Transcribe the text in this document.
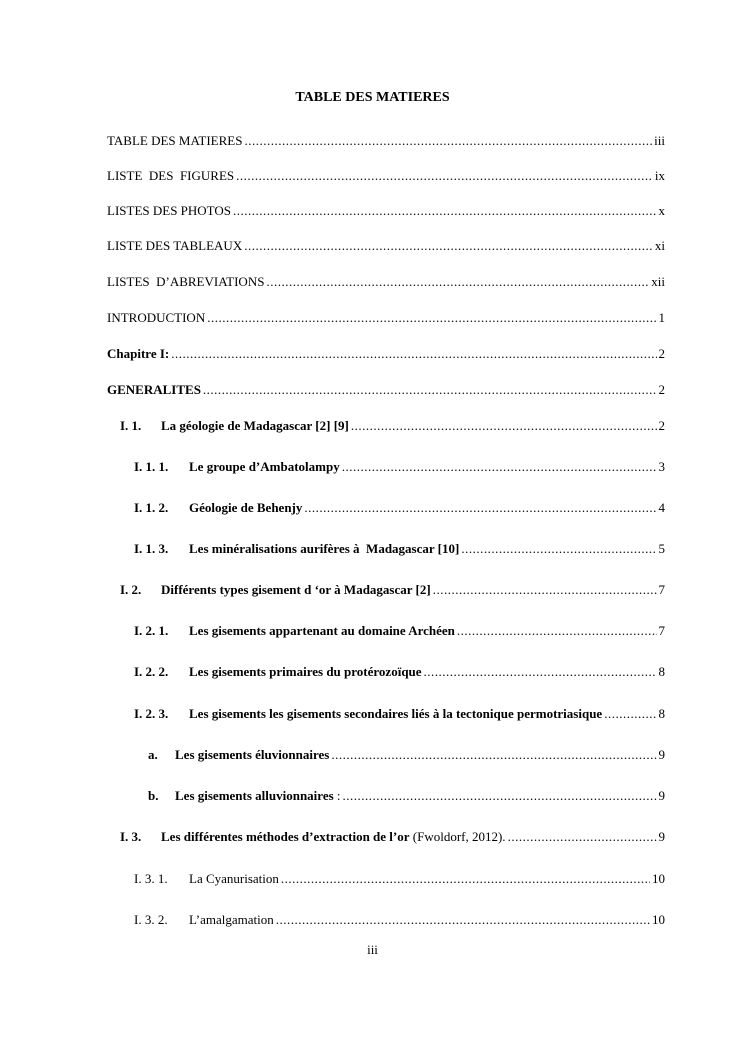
TABLE DES MATIERES
TABLE DES MATIERES .....	iii
LISTE  DES  FIGURES .....	ix
LISTES DES PHOTOS .....	x
LISTE DES TABLEAUX .....	xi
LISTES  D’ABREVIATIONS .....	xii
INTRODUCTION .....	1
Chapitre I: .....	2
GENERALITES .....	2
I. 1.	La géologie de Madagascar [2] [9] .....	2
I. 1. 1.	Le groupe d’Ambatolampy .....	3
I. 1. 2.	Géologie de Behenjy .....	4
I. 1. 3.	Les minéralisations aurifères à  Madagascar [10] .....	5
I. 2.	Différents types gisement d ‘or à Madagascar [2] .....	7
I. 2. 1.	Les gisements appartenant au domaine Archéen .....	7
I. 2. 2.	Les gisements primaires du protérozoïque .....	8
I. 2. 3.	Les gisements les gisements secondaires liés à la tectonique permotriasique .....	8
a.	Les gisements éluvionnaires .....	9
b.	Les gisements alluvionnaires : .....	9
I. 3.	Les différentes méthodes d’extraction de l’or (Fwoldorf, 2012). .....	9
I. 3. 1.	La Cyanurisation .....	10
I. 3. 2.	L’amalgamation .....	10
iii
